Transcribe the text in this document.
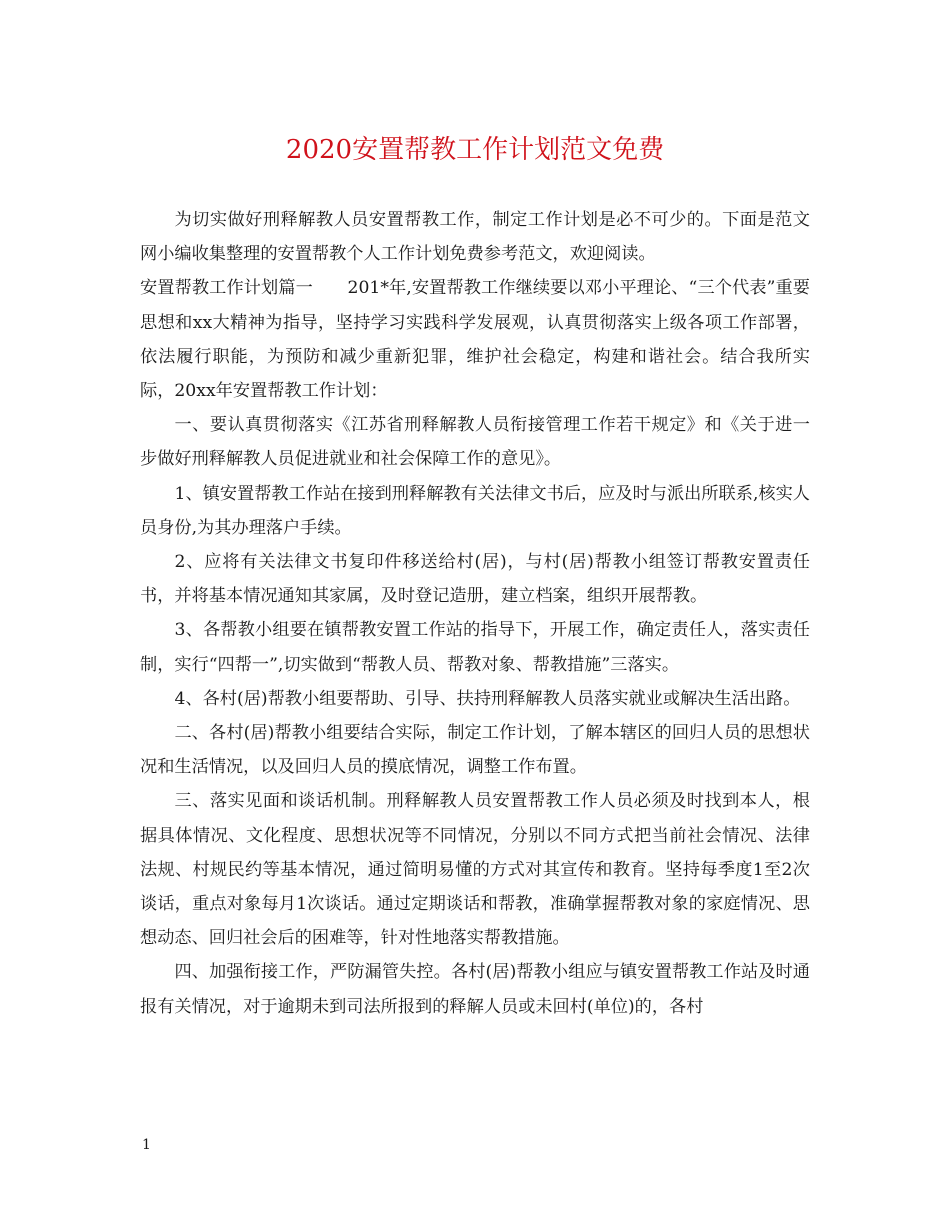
2020安置帮教工作计划范文免费

为切实做好刑释解教人员安置帮教工作，制定工作计划是必不可少的。下面是范文网小编收集整理的安置帮教个人工作计划免费参考范文，欢迎阅读。

安置帮教工作计划篇一　　201*年,安置帮教工作继续要以邓小平理论、“三个代表”重要思想和xx大精神为指导，坚持学习实践科学发展观，认真贯彻落实上级各项工作部署，依法履行职能，为预防和减少重新犯罪，维护社会稳定，构建和谐社会。结合我所实际，20xx年安置帮教工作计划：

一、要认真贯彻落实《江苏省刑释解教人员衔接管理工作若干规定》和《关于进一步做好刑释解教人员促进就业和社会保障工作的意见》。

1、镇安置帮教工作站在接到刑释解教有关法律文书后，应及时与派出所联系,核实人员身份,为其办理落户手续。

2、应将有关法律文书复印件移送给村(居)，与村(居)帮教小组签订帮教安置责任书，并将基本情况通知其家属，及时登记造册，建立档案，组织开展帮教。

3、各帮教小组要在镇帮教安置工作站的指导下，开展工作，确定责任人，落实责任制，实行“四帮一”,切实做到“帮教人员、帮教对象、帮教措施”三落实。

4、各村(居)帮教小组要帮助、引导、扶持刑释解教人员落实就业或解决生活出路。

二、各村(居)帮教小组要结合实际，制定工作计划，了解本辖区的回归人员的思想状况和生活情况，以及回归人员的摸底情况，调整工作布置。

三、落实见面和谈话机制。刑释解教人员安置帮教工作人员必须及时找到本人，根据具体情况、文化程度、思想状况等不同情况，分别以不同方式把当前社会情况、法律法规、村规民约等基本情况，通过简明易懂的方式对其宣传和教育。坚持每季度1至2次谈话，重点对象每月1次谈话。通过定期谈话和帮教，准确掌握帮教对象的家庭情况、思想动态、回归社会后的困难等，针对性地落实帮教措施。

四、加强衔接工作，严防漏管失控。各村(居)帮教小组应与镇安置帮教工作站及时通报有关情况，对于逾期未到司法所报到的释解人员或未回村(单位)的，各村

1
